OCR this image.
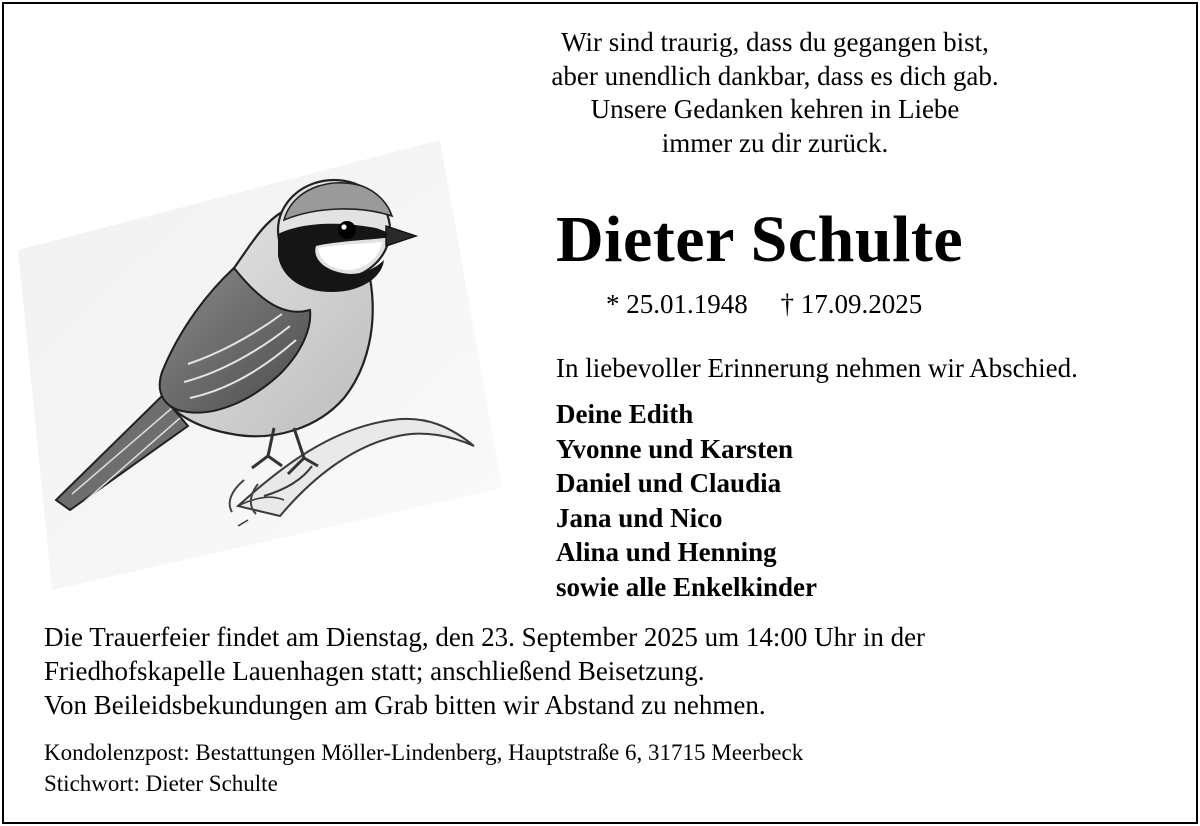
Wir sind traurig, dass du gegangen bist,
aber unendlich dankbar, dass es dich gab.
Unsere Gedanken kehren in Liebe
immer zu dir zurück.
Dieter Schulte
* 25.01.1948 † 17.09.2025
In liebevoller Erinnerung nehmen wir Abschied.
Deine Edith
Yvonne und Karsten
Daniel und Claudia
Jana und Nico
Alina und Henning
sowie alle Enkelkinder
Die Trauerfeier findet am Dienstag, den 23. September 2025 um 14:00 Uhr in der
Friedhofskapelle Lauenhagen statt; anschließend Beisetzung.
Von Beileidsbekundungen am Grab bitten wir Abstand zu nehmen.
Kondolenzpost: Bestattungen Möller-Lindenberg, Hauptstraße 6, 31715 Meerbeck
Stichwort: Dieter Schulte
